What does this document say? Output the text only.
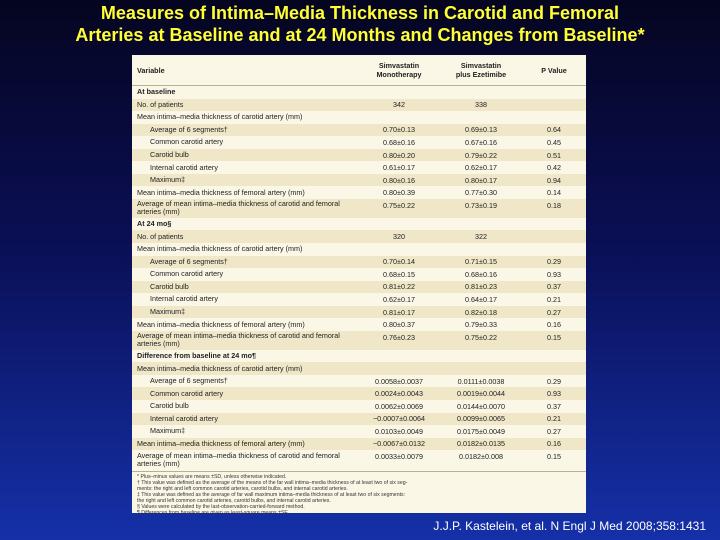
Measures of Intima–Media Thickness in Carotid and Femoral
Arteries at Baseline and at 24 Months and Changes from Baseline*
Variable	Simvastatin
Monotherapy
Simvastatin
plus Ezetimibe	P Value
At baseline
No. of patients	342	338
Mean intima–media thickness of carotid artery (mm)
Average of 6 segments†	0.70±0.13	0.69±0.13	0.64
Common carotid artery	0.68±0.16	0.67±0.16	0.45
Carotid bulb	0.80±0.20	0.79±0.22	0.51
Internal carotid artery	0.61±0.17	0.62±0.17	0.42
Maximum‡	0.80±0.16	0.80±0.17	0.94
Mean intima–media thickness of femoral artery (mm)	0.80±0.39	0.77±0.30	0.14
Average of mean intima–media thickness of carotid and femoral arteries (mm)
0.75±0.22	0.73±0.19	0.18
At 24 mo§
No. of patients	320	322
Mean intima–media thickness of carotid artery (mm)
Average of 6 segments†	0.70±0.14	0.71±0.15	0.29
Common carotid artery	0.68±0.15	0.68±0.16	0.93
Carotid bulb	0.81±0.22	0.81±0.23	0.37
Internal carotid artery	0.62±0.17	0.64±0.17	0.21
Maximum‡	0.81±0.17	0.82±0.18	0.27
Mean intima–media thickness of femoral artery (mm)	0.80±0.37	0.79±0.33	0.16
Average of mean intima–media thickness of carotid and femoral arteries (mm)
0.76±0.23	0.75±0.22	0.15
Difference from baseline at 24 mo¶
Mean intima–media thickness of carotid artery (mm)
Average of 6 segments†	0.0058±0.0037	0.0111±0.0038	0.29
Common carotid artery	0.0024±0.0043	0.0019±0.0044	0.93
Carotid bulb	0.0062±0.0069	0.0144±0.0070	0.37
Internal carotid artery	−0.0007±0.0064	0.0099±0.0065	0.21
Maximum‡	0.0103±0.0049	0.0175±0.0049	0.27
Mean intima–media thickness of femoral artery (mm)	−0.0067±0.0132	0.0182±0.0135	0.16
Average of mean intima–media thickness of carotid and femoral arteries (mm)
0.0033±0.0079	0.0182±0.008	0.15
* Plus–minus values are means ±SD, unless otherwise indicated.
† This value was defined as the average of the means of the far wall intima–media thickness of at least two of six seg-
ments: the right and left common carotid arteries, carotid bulbs, and internal carotid arteries.
‡ This value was defined as the average of far wall maximum intima–media thickness of at least two of six segments:
the right and left common carotid arteries, carotid bulbs, and internal carotid arteries.
§ Values were calculated by the last-observation-carried-forward method.
¶ Differences from baseline are given as least-square means ±SE.
J.J.P. Kastelein, et al. N Engl J Med 2008;358:1431
